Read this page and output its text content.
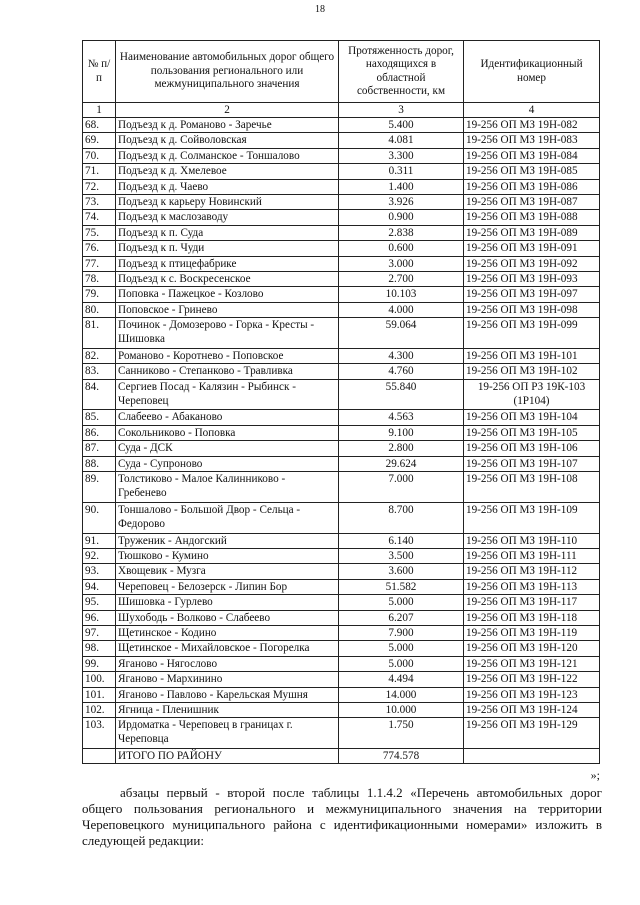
18
№ п/п	Наименование автомобильных дорог общего пользования регионального или межмуниципального значения	Протяженность дорог, находящихся в областной собственности, км	Идентификационный номер
1	2	3	4
68.	Подъезд к д. Романово - Заречье	5.400	19-256 ОП МЗ 19Н-082
69.	Подъезд к д. Сойволовская	4.081	19-256 ОП МЗ 19Н-083
70.	Подъезд к д. Солманское - Тоншалово	3.300	19-256 ОП МЗ 19Н-084
71.	Подъезд к д. Хмелевое	0.311	19-256 ОП МЗ 19Н-085
72.	Подъезд к д. Чаево	1.400	19-256 ОП МЗ 19Н-086
73.	Подъезд к карьеру Новинский	3.926	19-256 ОП МЗ 19Н-087
74.	Подъезд к маслозаводу	0.900	19-256 ОП МЗ 19Н-088
75.	Подъезд к п. Суда	2.838	19-256 ОП МЗ 19Н-089
76.	Подъезд к п. Чуди	0.600	19-256 ОП МЗ 19Н-091
77.	Подъезд к птицефабрике	3.000	19-256 ОП МЗ 19Н-092
78.	Подъезд к с. Воскресенское	2.700	19-256 ОП МЗ 19Н-093
79.	Поповка - Пажецкое - Козлово	10.103	19-256 ОП МЗ 19Н-097
80.	Поповское - Гринево	4.000	19-256 ОП МЗ 19Н-098
81.	Починок - Домозерово - Горка - Кресты - Шишовка	59.064	19-256 ОП МЗ 19Н-099
82.	Романово - Коротнево - Поповское	4.300	19-256 ОП МЗ 19Н-101
83.	Санниково - Степанково - Травливка	4.760	19-256 ОП МЗ 19Н-102
84.	Сергиев Посад - Калязин - Рыбинск - Череповец	55.840	19-256 ОП РЗ 19К-103 (1Р104)
85.	Слабеево - Абаканово	4.563	19-256 ОП МЗ 19Н-104
86.	Сокольниково - Поповка	9.100	19-256 ОП МЗ 19Н-105
87.	Суда - ДСК	2.800	19-256 ОП МЗ 19Н-106
88.	Суда - Супроново	29.624	19-256 ОП МЗ 19Н-107
89.	Толстиково - Малое Калинниково - Гребенево	7.000	19-256 ОП МЗ 19Н-108
90.	Тоншалово - Большой Двор - Сельца - Федорово	8.700	19-256 ОП МЗ 19Н-109
91.	Труженик - Андогский	6.140	19-256 ОП МЗ 19Н-110
92.	Тюшково - Кумино	3.500	19-256 ОП МЗ 19Н-111
93.	Хвощевик - Музга	3.600	19-256 ОП МЗ 19Н-112
94.	Череповец - Белозерск - Липин Бор	51.582	19-256 ОП МЗ 19Н-113
95.	Шишовка - Гурлево	5.000	19-256 ОП МЗ 19Н-117
96.	Шухободь - Волково - Слабеево	6.207	19-256 ОП МЗ 19Н-118
97.	Щетинское - Кодино	7.900	19-256 ОП МЗ 19Н-119
98.	Щетинское - Михайловское - Погорелка	5.000	19-256 ОП МЗ 19Н-120
99.	Яганово - Нягослово	5.000	19-256 ОП МЗ 19Н-121
100.	Яганово - Мархинино	4.494	19-256 ОП МЗ 19Н-122
101.	Яганово - Павлово - Карельская Мушня	14.000	19-256 ОП МЗ 19Н-123
102.	Ягница - Пленишник	10.000	19-256 ОП МЗ 19Н-124
103.	Ирдоматка - Череповец в границах г. Череповца	1.750	19-256 ОП МЗ 19Н-129
	ИТОГО ПО РАЙОНУ	774.578	
»;
абзацы первый - второй после таблицы 1.1.4.2 «Перечень автомобильных дорог общего пользования регионального и межмуниципального значения на территории Череповецкого муниципального района с идентификационными номерами» изложить в следующей редакции:
